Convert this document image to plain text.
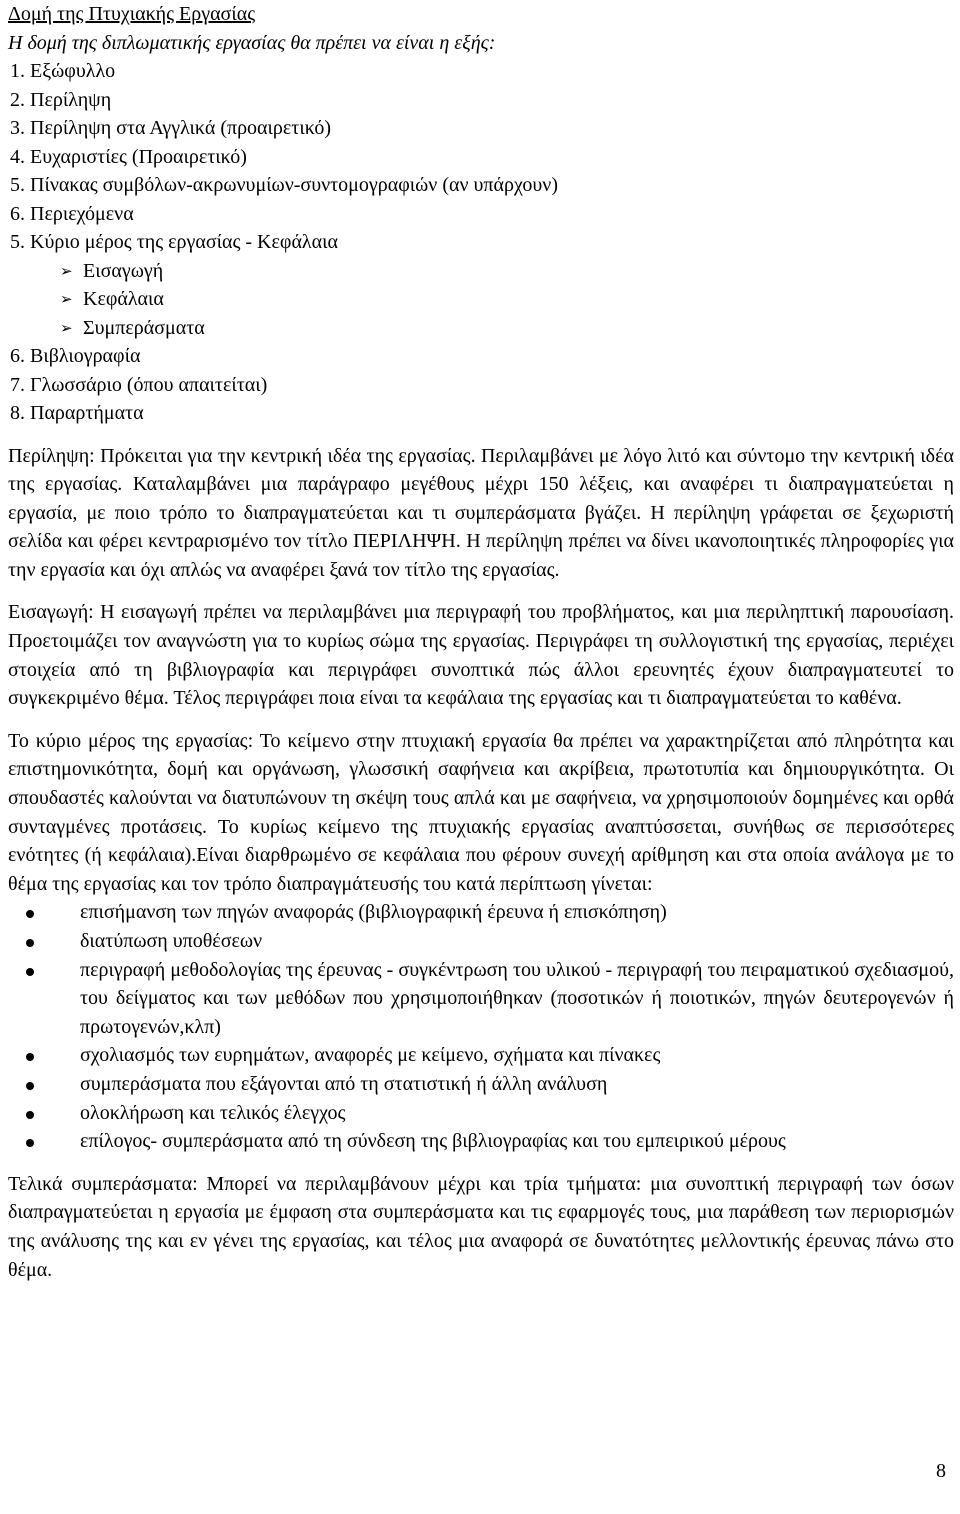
Δομή της Πτυχιακής Εργασίας
Η δομή της διπλωματικής εργασίας θα πρέπει να είναι η εξής:
1. Εξώφυλλο
2. Περίληψη
3. Περίληψη στα Αγγλικά (προαιρετικό)
4. Ευχαριστίες (Προαιρετικό)
5. Πίνακας συμβόλων-ακρωνυμίων-συντομογραφιών (αν υπάρχουν)
6. Περιεχόμενα
5. Κύριο μέρος της εργασίας - Κεφάλαια
➢ Εισαγωγή
➢ Κεφάλαια
➢ Συμπεράσματα
6. Βιβλιογραφία
7. Γλωσσάριο (όπου απαιτείται)
8. Παραρτήματα

Περίληψη: Πρόκειται για την κεντρική ιδέα της εργασίας. Περιλαμβάνει με λόγο λιτό και σύντομο την κεντρική ιδέα της εργασίας. Καταλαμβάνει μια παράγραφο μεγέθους μέχρι 150 λέξεις, και αναφέρει τι διαπραγματεύεται η εργασία, με ποιο τρόπο το διαπραγματεύεται και τι συμπεράσματα βγάζει. Η περίληψη γράφεται σε ξεχωριστή σελίδα και φέρει κεντραρισμένο τον τίτλο ΠΕΡΙΛΗΨΗ. Η περίληψη πρέπει να δίνει ικανοποιητικές πληροφορίες για την εργασία και όχι απλώς να αναφέρει ξανά τον τίτλο της εργασίας.

Εισαγωγή: Η εισαγωγή πρέπει να περιλαμβάνει μια περιγραφή του προβλήματος, και μια περιληπτική παρουσίαση. Προετοιμάζει τον αναγνώστη για το κυρίως σώμα της εργασίας. Περιγράφει τη συλλογιστική της εργασίας, περιέχει στοιχεία από τη βιβλιογραφία και περιγράφει συνοπτικά πώς άλλοι ερευνητές έχουν διαπραγματευτεί το συγκεκριμένο θέμα. Τέλος περιγράφει ποια είναι τα κεφάλαια της εργασίας και τι διαπραγματεύεται το καθένα.

Το κύριο μέρος της εργασίας: Το κείμενο στην πτυχιακή εργασία θα πρέπει να χαρακτηρίζεται από πληρότητα και επιστημονικότητα, δομή και οργάνωση, γλωσσική σαφήνεια και ακρίβεια, πρωτοτυπία και δημιουργικότητα. Οι σπουδαστές καλούνται να διατυπώνουν τη σκέψη τους απλά και με σαφήνεια, να χρησιμοποιούν δομημένες και ορθά συνταγμένες προτάσεις. Το κυρίως κείμενο της πτυχιακής εργασίας αναπτύσσεται, συνήθως σε περισσότερες ενότητες (ή κεφάλαια).Είναι διαρθρωμένο σε κεφάλαια που φέρουν συνεχή αρίθμηση και στα οποία ανάλογα με το θέμα της εργασίας και τον τρόπο διαπραγμάτευσής του κατά περίπτωση γίνεται:

επισήμανση των πηγών αναφοράς (βιβλιογραφική έρευνα ή επισκόπηση)
διατύπωση υποθέσεων
περιγραφή μεθοδολογίας της έρευνας - συγκέντρωση του υλικού - περιγραφή του πειραματικού σχεδιασμού, του δείγματος και των μεθόδων που χρησιμοποιήθηκαν (ποσοτικών ή ποιοτικών, πηγών δευτερογενών ή πρωτογενών,κλπ)
σχολιασμός των ευρημάτων, αναφορές με κείμενο, σχήματα και πίνακες
συμπεράσματα που εξάγονται από τη στατιστική ή άλλη ανάλυση
ολοκλήρωση και τελικός έλεγχος
επίλογος- συμπεράσματα από τη σύνδεση της βιβλιογραφίας και του εμπειρικού μέρους

Τελικά συμπεράσματα: Μπορεί να περιλαμβάνουν μέχρι και τρία τμήματα: μια συνοπτική περιγραφή των όσων διαπραγματεύεται η εργασία με έμφαση στα συμπεράσματα και τις εφαρμογές τους, μια παράθεση των περιορισμών της ανάλυσης της και εν γένει της εργασίας, και τέλος μια αναφορά σε δυνατότητες μελλοντικής έρευνας πάνω στο θέμα.

8
